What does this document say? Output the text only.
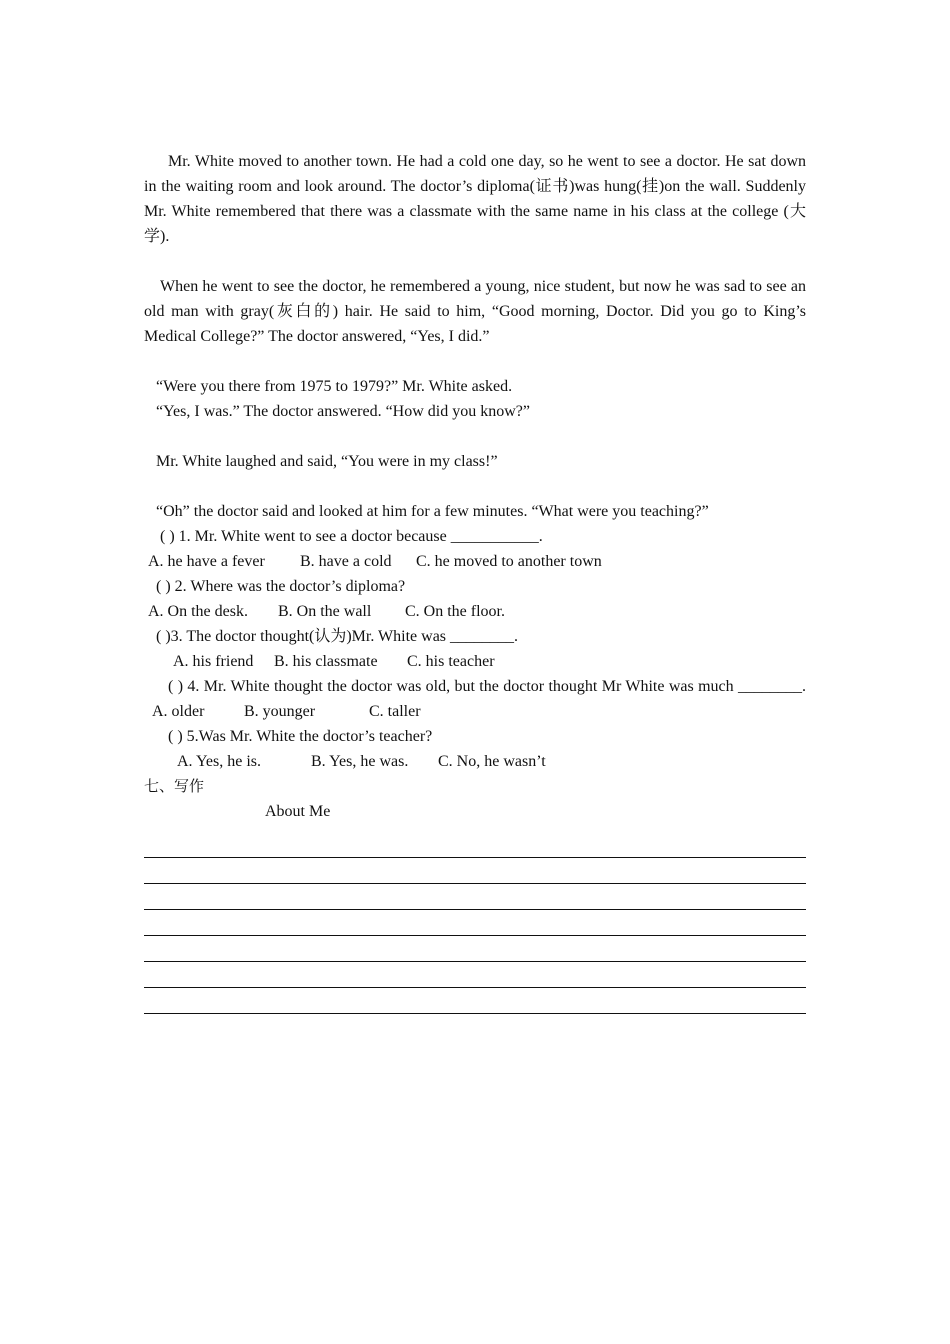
Mr. White moved to another town. He had a cold one day, so he went to see a doctor. He sat down in the waiting room and look around. The doctor’s diploma(证书)was hung(挂)on the wall. Suddenly Mr. White remembered that there was a classmate with the same name in his class at the college (大学).

When he went to see the doctor, he remembered a young, nice student, but now he was sad to see an old man with gray(灰白的) hair. He said to him, “Good morning, Doctor. Did you go to King’s Medical College?” The doctor answered, “Yes, I did.”

“Were you there from 1975 to 1979?” Mr. White asked.

“Yes, I was.” The doctor answered. “How did you know?”

Mr. White laughed and said, “You were in my class!”

“Oh” the doctor said and looked at him for a few minutes. “What were you teaching?”

( ) 1. Mr. White went to see a doctor because ___________.

A. he have a fever B. have a cold C. he moved to another town

( ) 2. Where was the doctor’s diploma?

A. On the desk. B. On the wall C. On the floor.

( )3. The doctor thought(认为)Mr. White was ________.

A. his friend B. his classmate C. his teacher

( ) 4. Mr. White thought the doctor was old, but the doctor thought Mr White was much ________.

A. older B. younger	C. taller

( ) 5.Was Mr. White the doctor’s teacher?

A. Yes, he is.	B. Yes, he was. C. No, he wasn’t

七、写作

About Me
